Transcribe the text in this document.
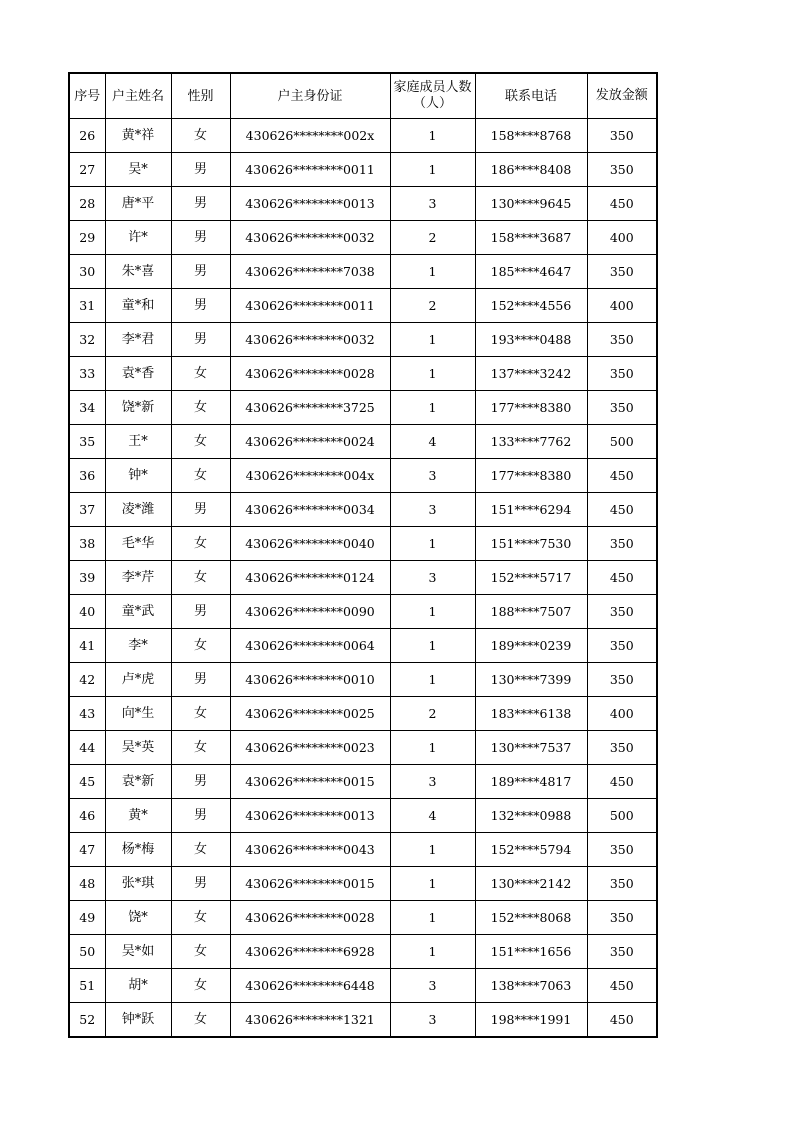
序号	户主姓名	性别	户主身份证	家庭成员人数（人）	联系电话	发放金额
26	黄*祥	女	430626********002x	1	158****8768	350
27	吴*	男	430626********0011	1	186****8408	350
28	唐*平	男	430626********0013	3	130****9645	450
29	许*	男	430626********0032	2	158****3687	400
30	朱*喜	男	430626********7038	1	185****4647	350
31	童*和	男	430626********0011	2	152****4556	400
32	李*君	男	430626********0032	1	193****0488	350
33	袁*香	女	430626********0028	1	137****3242	350
34	饶*新	女	430626********3725	1	177****8380	350
35	王*	女	430626********0024	4	133****7762	500
36	钟*	女	430626********004x	3	177****8380	450
37	凌*潍	男	430626********0034	3	151****6294	450
38	毛*华	女	430626********0040	1	151****7530	350
39	李*芹	女	430626********0124	3	152****5717	450
40	童*武	男	430626********0090	1	188****7507	350
41	李*	女	430626********0064	1	189****0239	350
42	卢*虎	男	430626********0010	1	130****7399	350
43	向*生	女	430626********0025	2	183****6138	400
44	吴*英	女	430626********0023	1	130****7537	350
45	袁*新	男	430626********0015	3	189****4817	450
46	黄*	男	430626********0013	4	132****0988	500
47	杨*梅	女	430626********0043	1	152****5794	350
48	张*琪	男	430626********0015	1	130****2142	350
49	饶*	女	430626********0028	1	152****8068	350
50	吴*如	女	430626********6928	1	151****1656	350
51	胡*	女	430626********6448	3	138****7063	450
52	钟*跃	女	430626********1321	3	198****1991	450
